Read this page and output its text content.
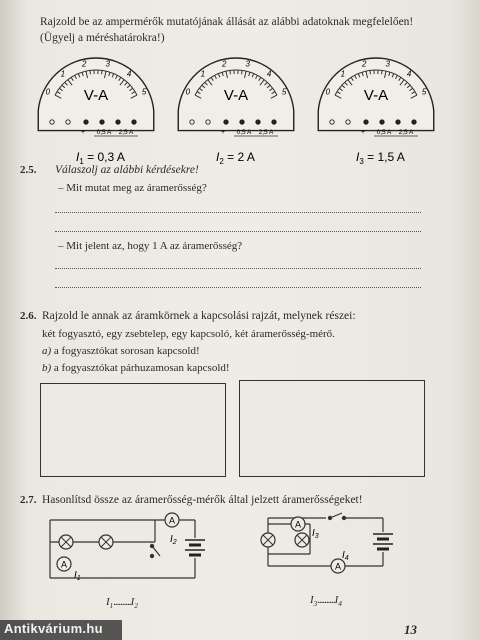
Rajzold be az ampermérők mutatójának állását az alábbi adatoknak megfelelően!
(Ügyelj a méréshatárokra!)
0
1
2 3
4
5
V-A
+ 0,5 A 2,5 A
$I_1 = 0,3$ A
0
1
2 3
4
5
V-A
+ 0,5 A 2,5 A
$I_2 = 2$ A
0
1
2 3
4
5
V-A
+ 0,5 A 2,5 A
$I_3 = 1,5$ A
2.5. Válaszolj az alábbi kérdésekre!
– Mit mutat meg az áramerősség?
– Mit jelent az, hogy 1 A az áramerősség?
2.6. Rajzold le annak az áramkörnek a kapcsolási rajzát, melynek részei:
két fogyasztó, egy zsebtelep, egy kapcsoló, két áramerősség-mérő.
a) a fogyasztókat sorosan kapcsold!
b) a fogyasztókat párhuzamosan kapcsold!
2.7. Hasonlítsd össze az áramerősség-mérők által jelzett áramerősségeket!
A
A
$I_1$
$I_2$
A
A
$I_3$
$I_4$
$I_1..........I_2$
$I_3..........I_4$
13
Antikvárium.hu
